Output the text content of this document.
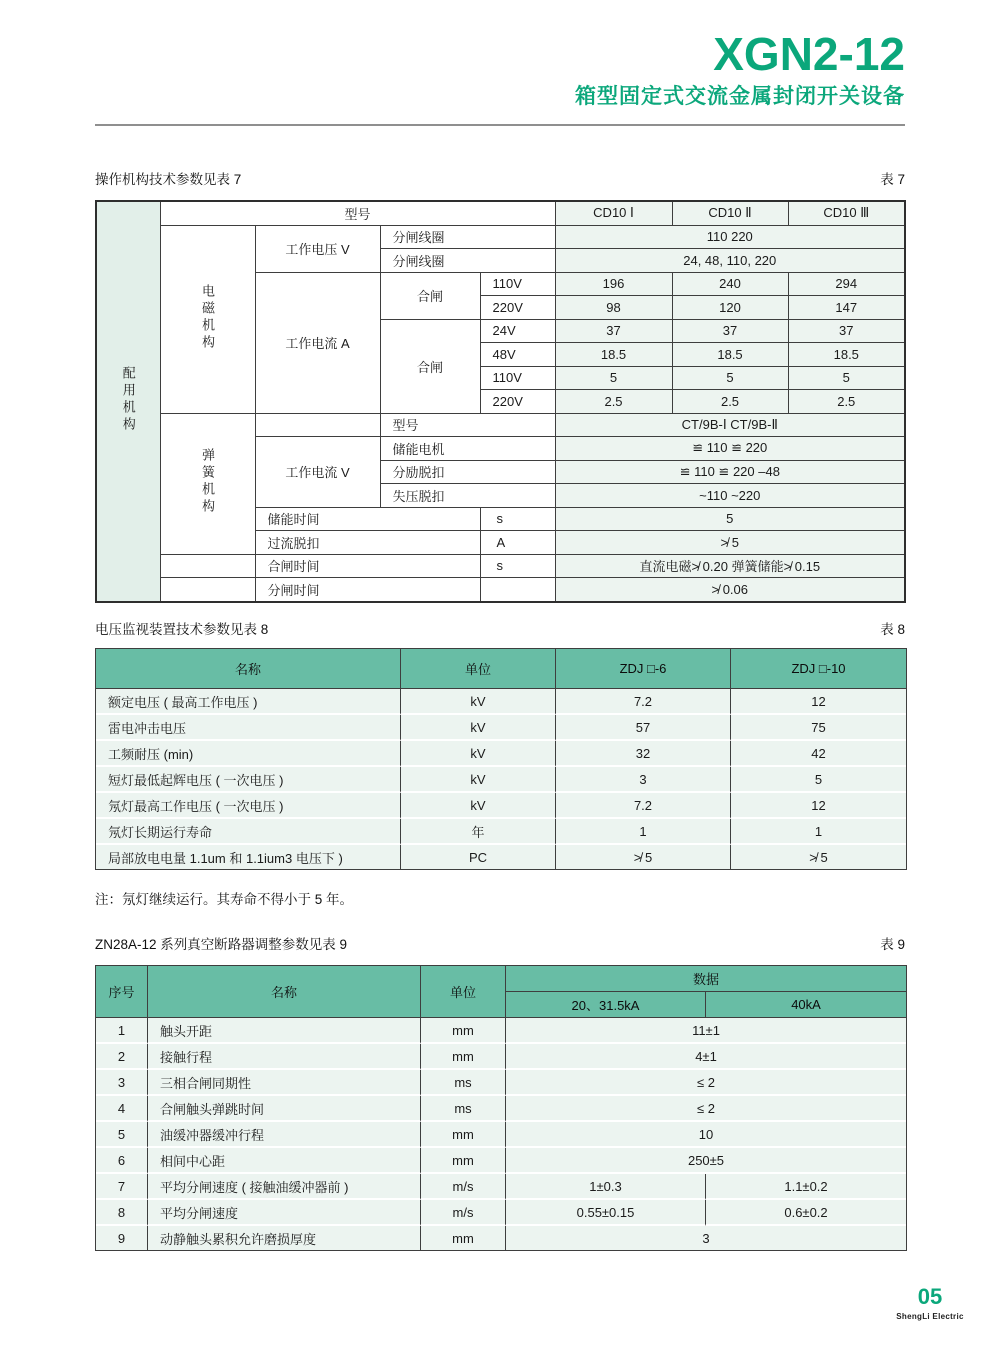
XGN2-12
箱型固定式交流金属封闭开关设备
操作机构技术参数见表 7	表 7
配用机构	型号				CD10 Ⅰ	CD10 Ⅱ	CD10 Ⅲ
	电磁机构	工作电压 V	分闸线圈		110 220		
			分闸线圈		24, 48, 110, 220		
		工作电流 A	合闸	110V	196	240	294
				220V	98	120	147
			合闸	24V	37	37	37
				48V	18.5	18.5	18.5
				110V	5	5	5
				220V	2.5	2.5	2.5
	弹簧机构		型号		CT/9B-Ⅰ CT/9B-Ⅱ		
		工作电流 V	储能电机		≌ 110 ≌ 220		
			分励脱扣		≌ 110 ≌ 220 –48		
			失压脱扣		~110 ~220		
		储能时间		s	5		
		过流脱扣		A	≯ 5		
		合闸时间		s	直流电磁≯ 0.20 弹簧储能≯ 0.15		
		分闸时间			≯ 0.06		
电压监视装置技术参数见表 8	表 8
名称	单位	ZDJ □-6	ZDJ □-10
额定电压 ( 最高工作电压 )	kV	7.2	12
雷电冲击电压	kV	57	75
工频耐压 (min)	kV	32	42
短灯最低起辉电压 ( 一次电压 )	kV	3	5
氖灯最高工作电压 ( 一次电压 )	kV	7.2	12
氖灯长期运行寿命	年	1	1
局部放电电量 1.1um 和 1.1ium3 电压下 )	PC	≯ 5	≯ 5
注：氖灯继续运行。其寿命不得小于 5 年。
ZN28A-12 系列真空断路器调整参数见表 9	表 9
序号	名称	单位	数据	
			20、31.5kA	40kA
1	触头开距	mm	11±1	
2	接触行程	mm	4±1	
3	三相合闸同期性	ms	≤ 2	
4	合闸触头弹跳时间	ms	≤ 2	
5	油缓冲器缓冲行程	mm	10	
6	相间中心距	mm	250±5	
7	平均分闸速度 ( 接触油缓冲器前 )	m/s	1±0.3	1.1±0.2
8	平均分闸速度	m/s	0.55±0.15	0.6±0.2
9	动静触头累积允许磨损厚度	mm	3	
05
ShengLi Electric
